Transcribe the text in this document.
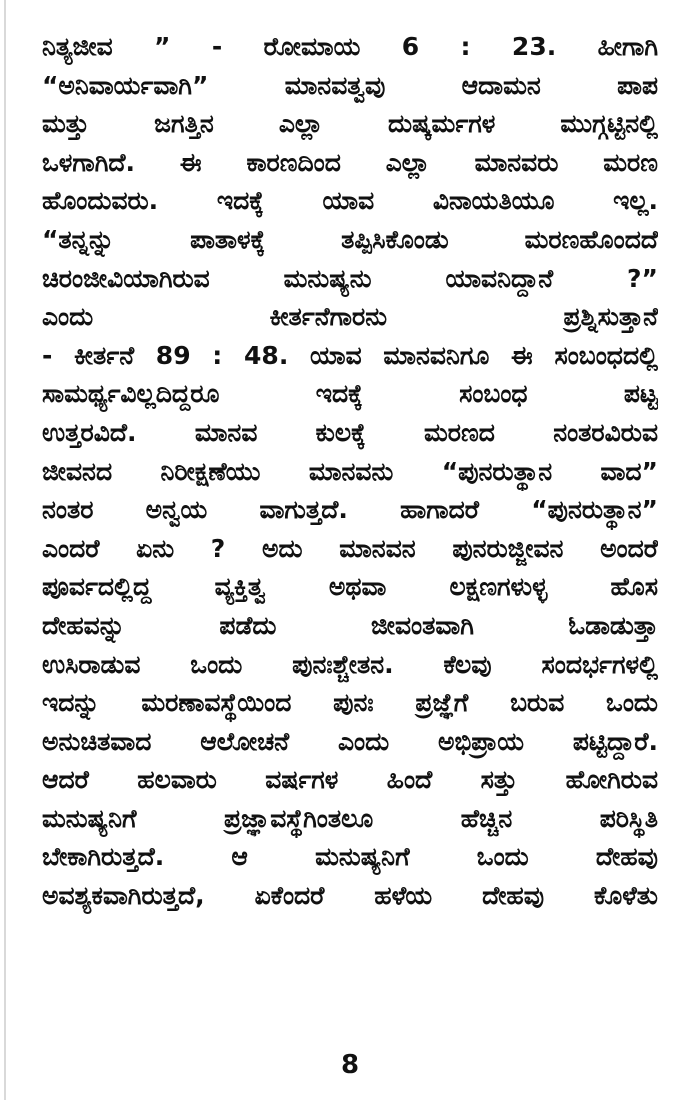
ನಿತ್ಯಜೀವ ” - ರೋಮಾಯ 6 : 23. ಹೀಗಾಗಿ
“ಅನಿವಾರ್ಯವಾಗಿ” ಮಾನವತ್ವವು ಆದಾಮನ ಪಾಪ
ಮತ್ತು ಜಗತ್ತಿನ ಎಲ್ಲಾ ದುಷ್ಕರ್ಮಗಳ ಮುಗ್ಗಟ್ಟಿನಲ್ಲಿ
ಒಳಗಾಗಿದೆ. ಈ ಕಾರಣದಿಂದ ಎಲ್ಲಾ ಮಾನವರು ಮರಣ
ಹೊಂದುವರು. ಇದಕ್ಕೆ ಯಾವ ವಿನಾಯತಿಯೂ ಇಲ್ಲ.
“ತನ್ನನ್ನು ಪಾತಾಳಕ್ಕೆ ತಪ್ಪಿಸಿಕೊಂಡು ಮರಣಹೊಂದದೆ
ಚಿರಂಜೀವಿಯಾಗಿರುವ ಮನುಷ್ಯನು ಯಾವನಿದ್ದಾನೆ ?”
ಎಂದು ಕೀರ್ತನೆಗಾರನು ಪ್ರಶ್ನಿಸುತ್ತಾನೆ
- ಕೀರ್ತನೆ 89 : 48. ಯಾವ ಮಾನವನಿಗೂ ಈ ಸಂಬಂಧದಲ್ಲಿ
ಸಾಮರ್ಥ್ಯವಿಲ್ಲದಿದ್ದರೂ ಇದಕ್ಕೆ ಸಂಬಂಧ ಪಟ್ಟ
ಉತ್ತರವಿದೆ. ಮಾನವ ಕುಲಕ್ಕೆ ಮರಣದ ನಂತರವಿರುವ
ಜೀವನದ ನಿರೀಕ್ಷಣೆಯು ಮಾನವನು “ಪುನರುತ್ಥಾನ ವಾದ”
ನಂತರ ಅನ್ವಯ ವಾಗುತ್ತದೆ. ಹಾಗಾದರೆ “ಪುನರುತ್ಥಾನ”
ಎಂದರೆ ಏನು ? ಅದು ಮಾನವನ ಪುನರುಜ್ಜೀವನ ಅಂದರೆ
ಪೂರ್ವದಲ್ಲಿದ್ದ ವ್ಯಕ್ತಿತ್ವ ಅಥವಾ ಲಕ್ಷಣಗಳುಳ್ಳ ಹೊಸ
ದೇಹವನ್ನು ಪಡೆದು ಜೀವಂತವಾಗಿ ಓಡಾಡುತ್ತಾ
ಉಸಿರಾಡುವ ಒಂದು ಪುನಃಶ್ಚೇತನ. ಕೆಲವು ಸಂದರ್ಭಗಳಲ್ಲಿ
ಇದನ್ನು ಮರಣಾವಸ್ಥೆಯಿಂದ ಪುನಃ ಪ್ರಜ್ಞೆಗೆ ಬರುವ ಒಂದು
ಅನುಚಿತವಾದ ಆಲೋಚನೆ ಎಂದು ಅಭಿಪ್ರಾಯ ಪಟ್ಟಿದ್ದಾರೆ.
ಆದರೆ ಹಲವಾರು ವರ್ಷಗಳ ಹಿಂದೆ ಸತ್ತು ಹೋಗಿರುವ
ಮನುಷ್ಯನಿಗೆ ಪ್ರಜ್ಞಾವಸ್ಥೆಗಿಂತಲೂ ಹೆಚ್ಚಿನ ಪರಿಸ್ಥಿತಿ
ಬೇಕಾಗಿರುತ್ತದೆ. ಆ ಮನುಷ್ಯನಿಗೆ ಒಂದು ದೇಹವು
ಅವಶ್ಯಕವಾಗಿರುತ್ತದೆ, ಏಕೆಂದರೆ ಹಳೆಯ ದೇಹವು ಕೊಳೆತು
8
